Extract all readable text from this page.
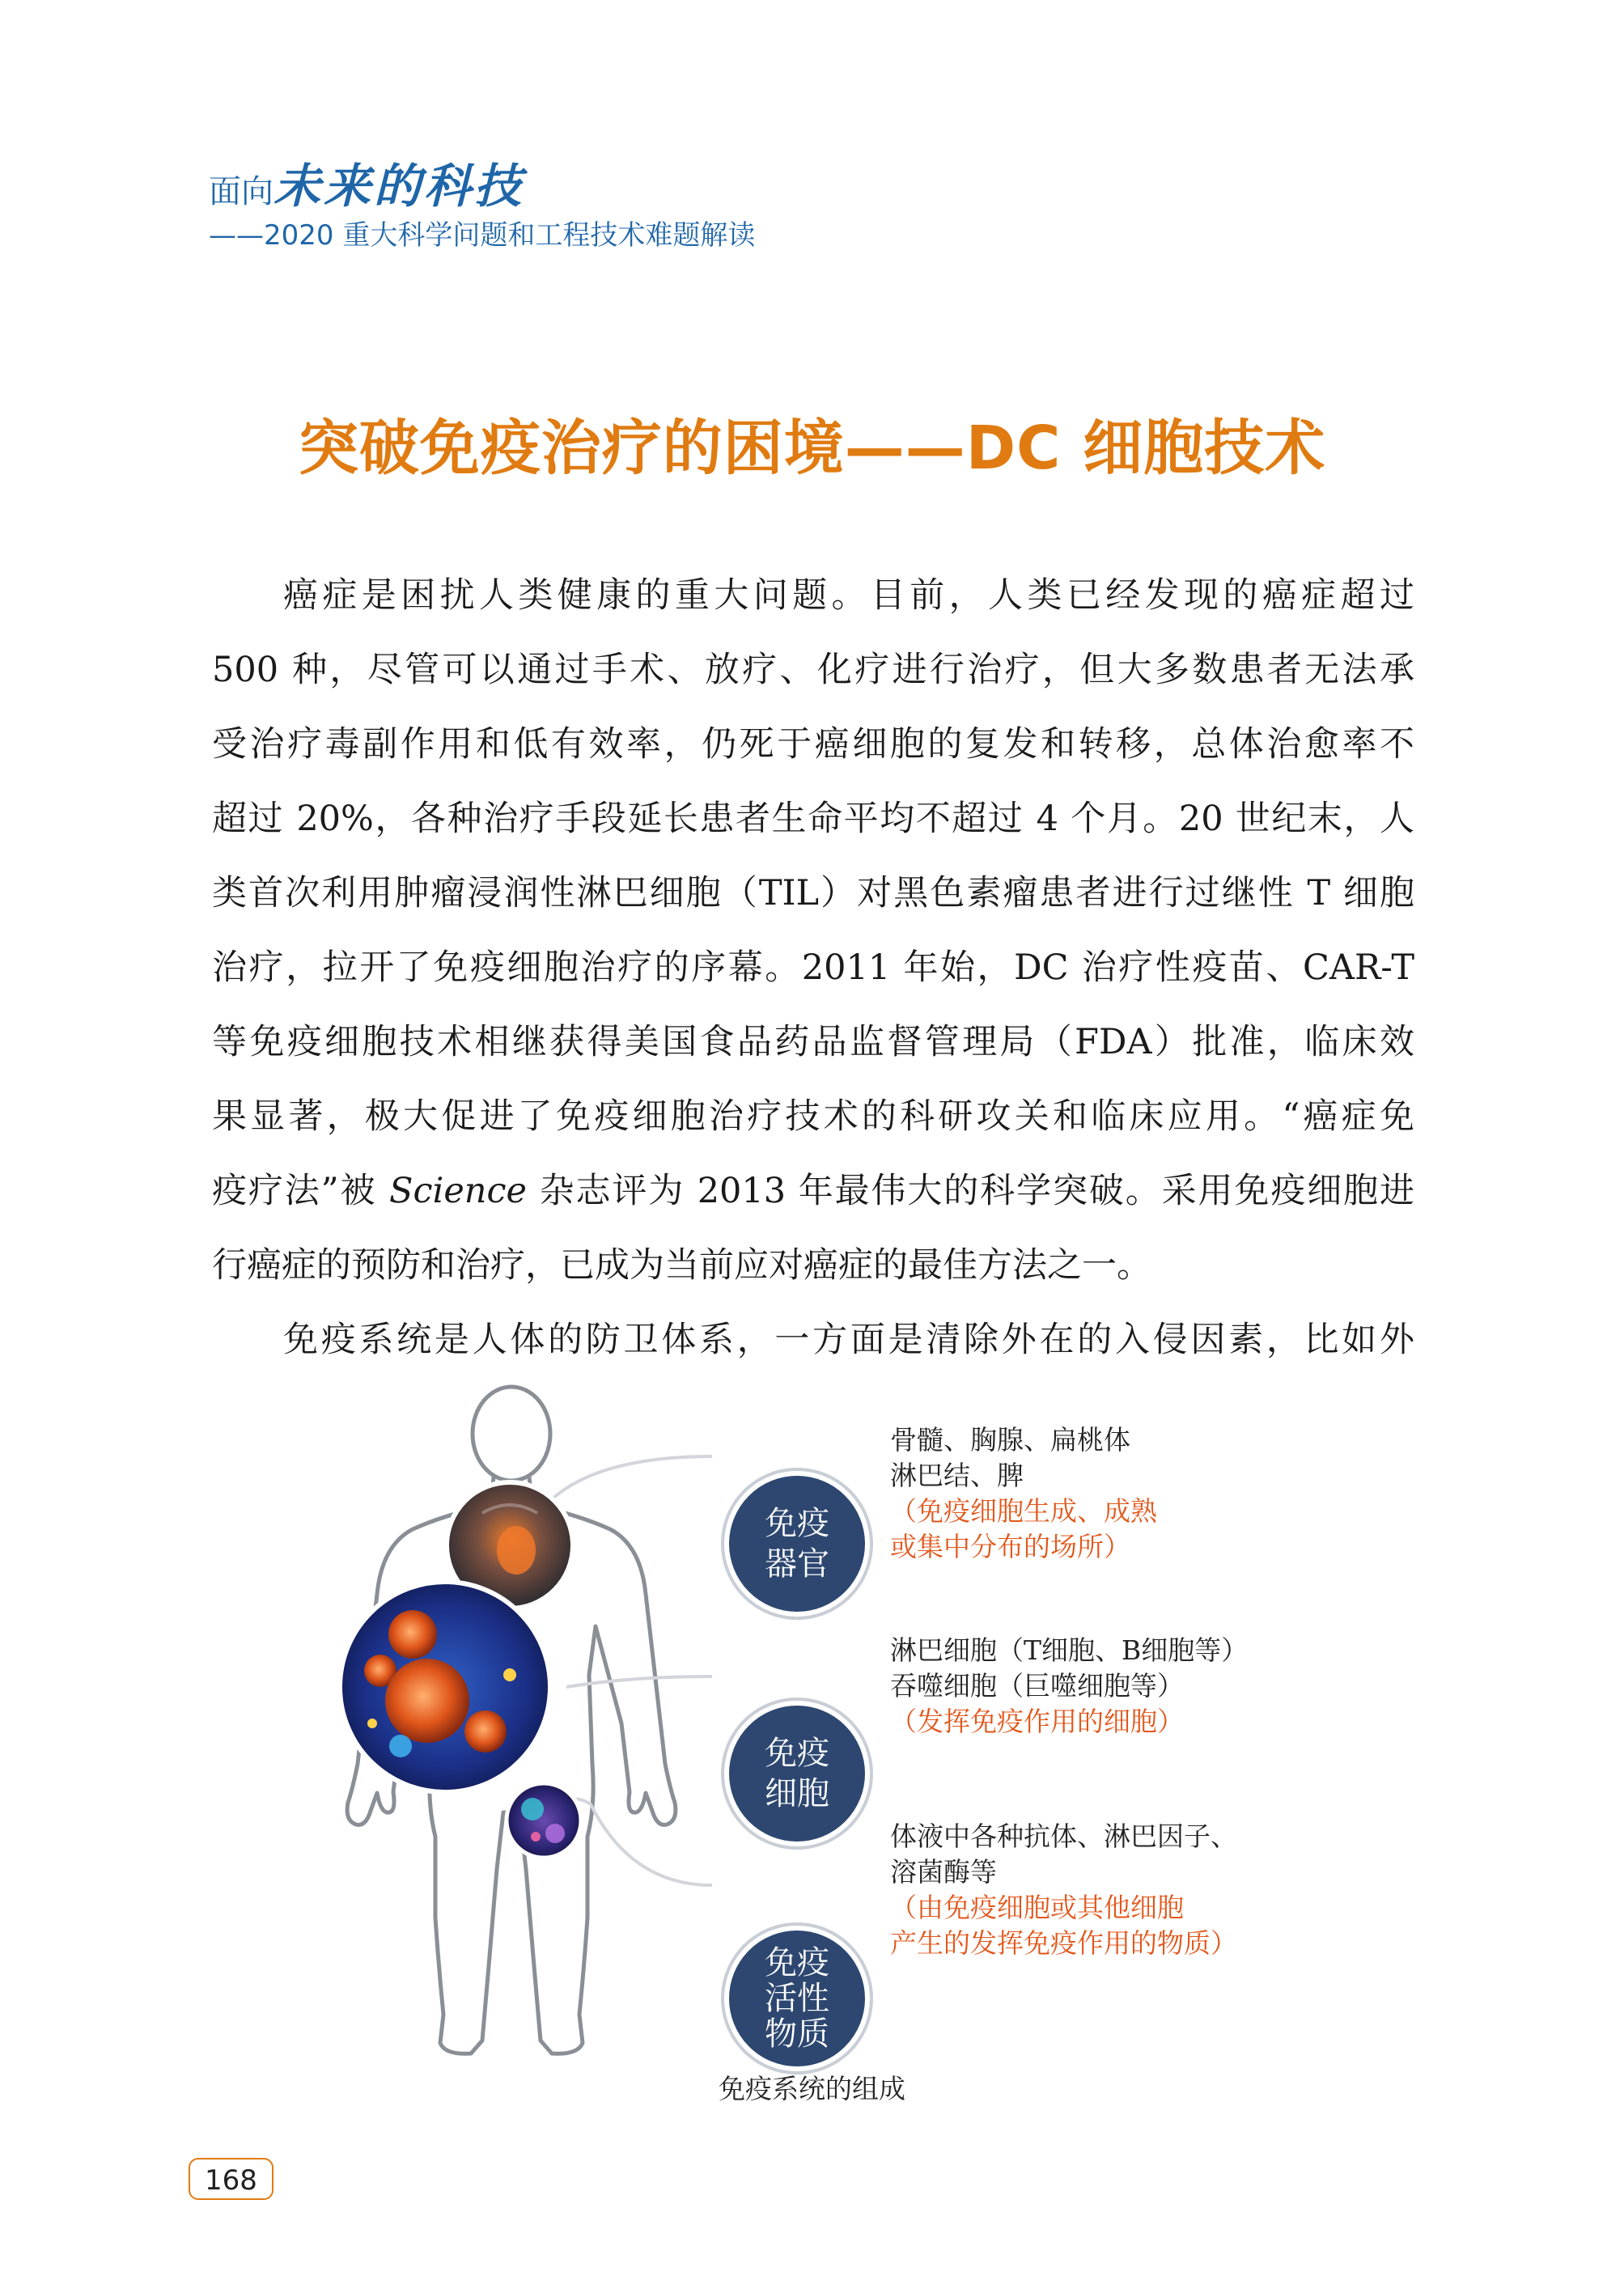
面向未来的科技
——2020 重大科学问题和工程技术难题解读
突破免疫治疗的困境——DC 细胞技术
癌症是困扰人类健康的重大问题。目前，人类已经发现的癌症超过
500 种，尽管可以通过手术、放疗、化疗进行治疗，但大多数患者无法承
受治疗毒副作用和低有效率，仍死于癌细胞的复发和转移，总体治愈率不
超过 20%，各种治疗手段延长患者生命平均不超过 4 个月。20 世纪末，人
类首次利用肿瘤浸润性淋巴细胞（TIL）对黑色素瘤患者进行过继性 T 细胞
治疗，拉开了免疫细胞治疗的序幕。2011 年始，DC 治疗性疫苗、CAR-T
等免疫细胞技术相继获得美国食品药品监督管理局（FDA）批准，临床效
果显著，极大促进了免疫细胞治疗技术的科研攻关和临床应用。“癌症免
疫疗法”被 Science 杂志评为 2013 年最伟大的科学突破。采用免疫细胞进
行癌症的预防和治疗，已成为当前应对癌症的最佳方法之一。
免疫系统是人体的防卫体系，一方面是清除外在的入侵因素，比如外
免疫
器官
免疫
细胞
免疫
活性
物质
骨髓、胸腺、扁桃体
淋巴结、脾
（免疫细胞生成、成熟
或集中分布的场所）
淋巴细胞（T细胞、B细胞等）
吞噬细胞（巨噬细胞等）
（发挥免疫作用的细胞）
体液中各种抗体、淋巴因子、
溶菌酶等
（由免疫细胞或其他细胞
产生的发挥免疫作用的物质）
免疫系统的组成
168
